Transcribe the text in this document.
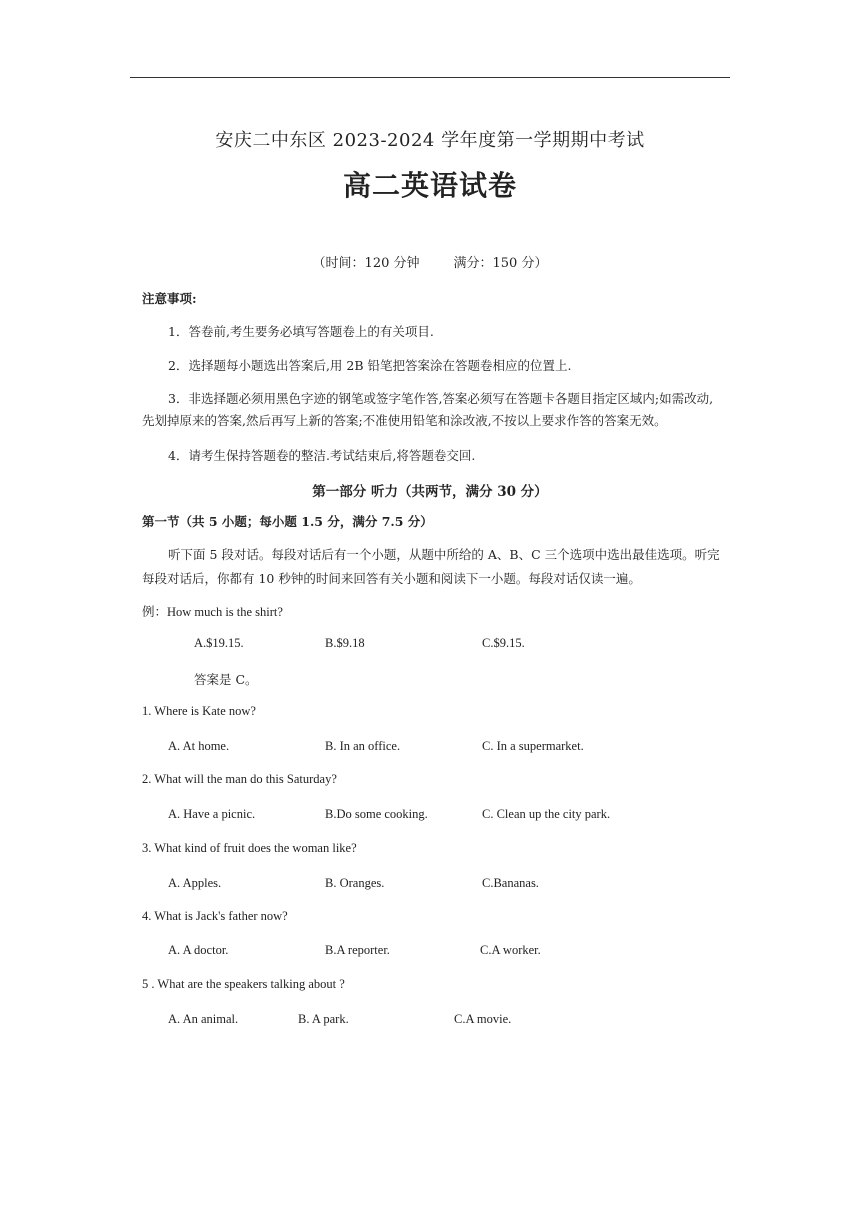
安庆二中东区 2023-2024 学年度第一学期期中考试
高二英语试卷
（时间：120 分钟	满分：150 分）
注意事项:
1．答卷前,考生要务必填写答题卷上的有关项目.
2．选择题每小题选出答案后,用 2B 铅笔把答案涂在答题卷相应的位置上.
3．非选择题必须用黑色字迹的钢笔或签字笔作答,答案必须写在答题卡各题目指定区域内;如需改动,先划掉原来的答案,然后再写上新的答案;不准使用铅笔和涂改液,不按以上要求作答的答案无效。
4．请考生保持答题卷的整洁.考试结束后,将答题卷交回.
第一部分 听力（共两节，满分 30 分）
第一节（共 5 小题；每小题 1.5 分，满分 7.5 分）
听下面 5 段对话。每段对话后有一个小题，从题中所给的 A、B、C 三个选项中选出最佳选项。听完每段对话后，你都有 10 秒钟的时间来回答有关小题和阅读下一小题。每段对话仅读一遍。
例：How much is the shirt?
A.$19.15.	B.$9.18	C.$9.15.
答案是 C。
1. Where is Kate now?
A. At home.	B. In an office.	C. In a supermarket.
2. What will the man do this Saturday?
A. Have a picnic.	B.Do some cooking.	C. Clean up the city park.
3. What kind of fruit does the woman like?
A. Apples.	B. Oranges.	C.Bananas.
4. What is Jack's father now?
A. A doctor.	B.A reporter.	C.A worker.
5 . What are the speakers talking about ?
A. An animal.	B. A park.	C.A movie.
